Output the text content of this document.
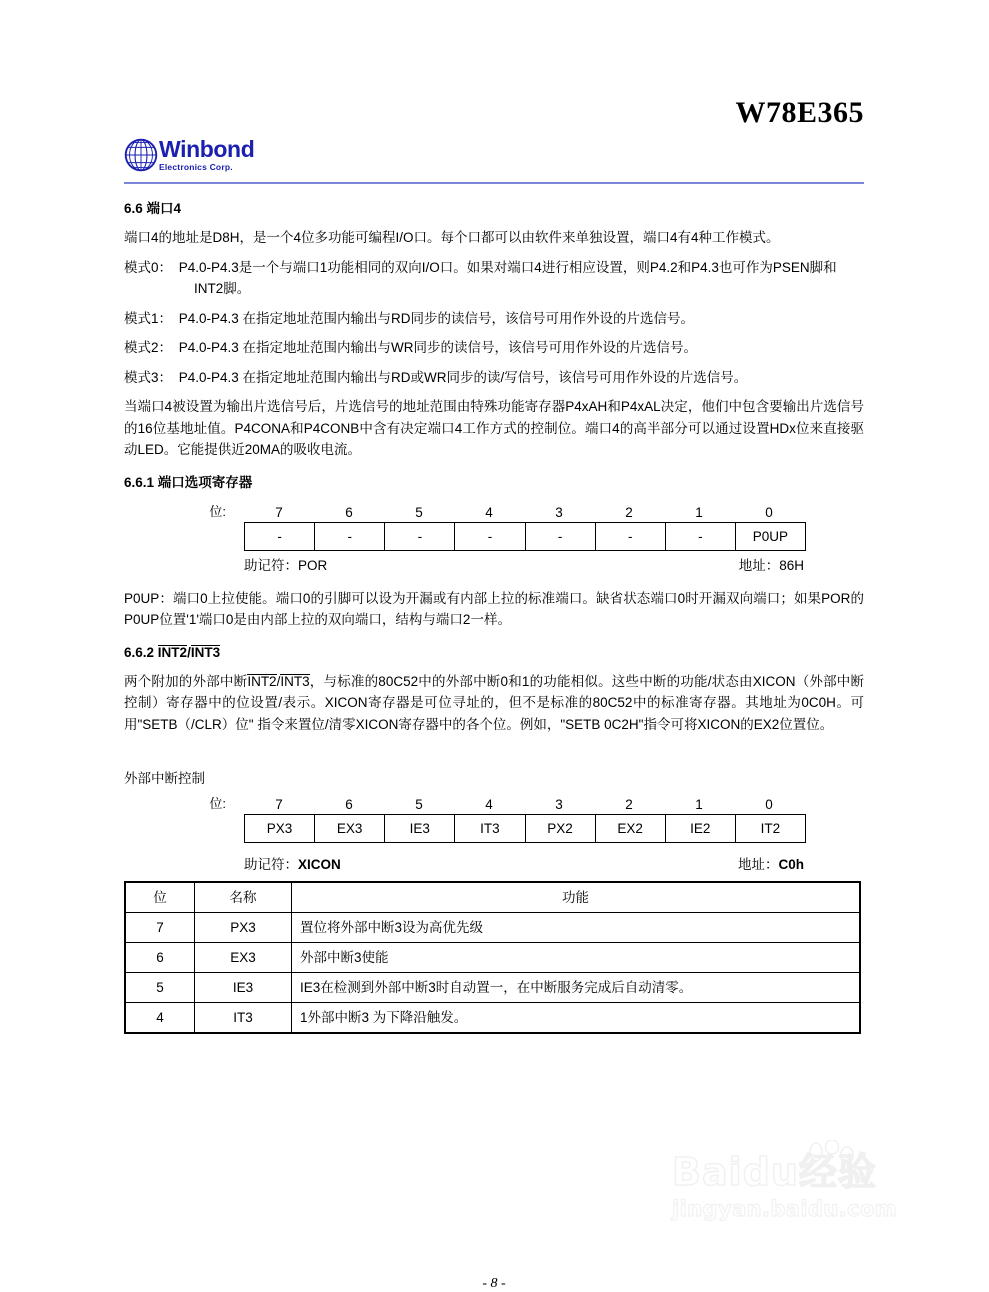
W78E365
Winbond
Electronics Corp.
6.6 端口4

端口4的地址是D8H，是一个4位多功能可编程I/O口。每个口都可以由软件来单独设置，端口4有4种工作模式。

模式0：　P4.0-P4.3是一个与端口1功能相同的双向I/O口。如果对端口4进行相应设置，则P4.2和P4.3也可作为PSEN脚和INT2脚。

模式1：　P4.0-P4.3 在指定地址范围内输出与RD同步的读信号，该信号可用作外设的片选信号。

模式2：　P4.0-P4.3 在指定地址范围内输出与WR同步的读信号，该信号可用作外设的片选信号。

模式3：　P4.0-P4.3 在指定地址范围内输出与RD或WR同步的读/写信号，该信号可用作外设的片选信号。

当端口4被设置为输出片选信号后，片选信号的地址范围由特殊功能寄存器P4xAH和P4xAL决定，他们中包含要输出片选信号的16位基地址值。P4CONA和P4CONB中含有决定端口4工作方式的控制位。端口4的高半部分可以通过设置HDx位来直接驱动LED。它能提供近20MA的吸收电流。

6.6.1 端口选项寄存器
位:	7	6	5	4	3	2	1	0
-	-	-	-	-	-	-	P0UP
助记符：POR	地址：86H

P0UP：端口0上拉使能。端口0的引脚可以设为开漏或有内部上拉的标准端口。缺省状态端口0时开漏双向端口；如果POR的P0UP位置'1'端口0是由内部上拉的双向端口，结构与端口2一样。

6.6.2 INT2/INT3

两个附加的外部中断INT2/INT3，与标准的80C52中的外部中断0和1的功能相似。这些中断的功能/状态由XICON（外部中断控制）寄存器中的位设置/表示。XICON寄存器是可位寻址的，但不是标准的80C52中的标准寄存器。其地址为0C0H。可用"SETB（/CLR）位" 指令来置位/清零XICON寄存器中的各个位。例如，"SETB 0C2H"指令可将XICON的EX2位置位。

外部中断控制
位:	7	6	5	4	3	2	1	0
PX3	EX3	IE3	IT3	PX2	EX2	IE2	IT2
助记符：XICON	地址：C0h
位	名称	功能
7	PX3	置位将外部中断3设为高优先级
6	EX3	外部中断3使能
5	IE3	IE3在检测到外部中断3时自动置一，在中断服务完成后自动清零。
4	IT3	1外部中断3 为下降沿触发。
- 8 -
Baidu经验
jingyan.baidu.com
